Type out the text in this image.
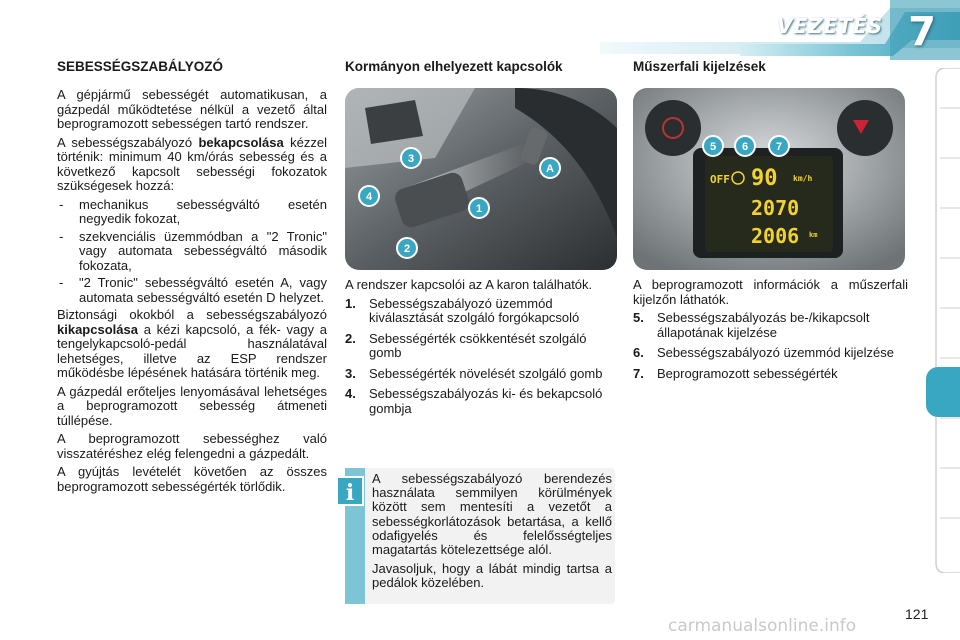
VEZETÉS 7
SEBESSÉGSZABÁLYOZÓ

A gépjármű sebességét automatikusan, a gázpedál működtetése nélkül a vezető által beprogramozott sebességen tartó rendszer.

A sebességszabályozó bekapcsolása kézzel történik: minimum 40 km/órás sebesség és a következő kapcsolt sebességi fokozatok szükségesek hozzá:

-	mechanikus sebességváltó esetén negyedik fokozat,
-	szekvenciális üzemmódban a "2 Tronic" vagy automata sebességváltó második fokozata,
-	"2 Tronic" sebességváltó esetén A, vagy automata sebességváltó esetén D helyzet.

Biztonsági okokból a sebességszabályozó kikapcsolása a kézi kapcsoló, a fék- vagy a tengelykapcsoló-pedál használatával lehetséges, illetve az ESP rendszer működésbe lépésének hatására történik meg.

A gázpedál erőteljes lenyomásával lehetséges a beprogramozott sebesség átmeneti túllépése.

A beprogramozott sebességhez való visszatéréshez elég felengedni a gázpedált.

A gyújtás levételét követően az összes beprogramozott sebességérték törlődik.

Kormányon elhelyezett kapcsolók
3
A
4
1
2

A rendszer kapcsolói az A karon találhatók.

1.	Sebességszabályozó üzemmód kiválasztását szolgáló forgókapcsoló
2.	Sebességérték csökkentését szolgáló gomb
3.	Sebességérték növelését szolgáló gomb
4.	Sebességszabályozás ki- és bekapcsoló gombja
i

A sebességszabályozó berendezés használata semmilyen körülmények között sem mentesíti a vezetőt a sebességkorlátozások betartása, a kellő odafigyelés és felelősségteljes magatartás kötelezettsége alól.

Javasoljuk, hogy a lábát mindig tartsa a pedálok közelében.

Műszerfali kijelzések
5 6	7
OFF 90 km/h
2070
2006 km

A beprogramozott információk a műszerfali kijelzőn láthatók.

5.	Sebességszabályozás be-/kikapcsolt állapotának kijelzése
6.	Sebességszabályozó üzemmód kijelzése
7.	Beprogramozott sebességérték
121
carmanualsonline.info
